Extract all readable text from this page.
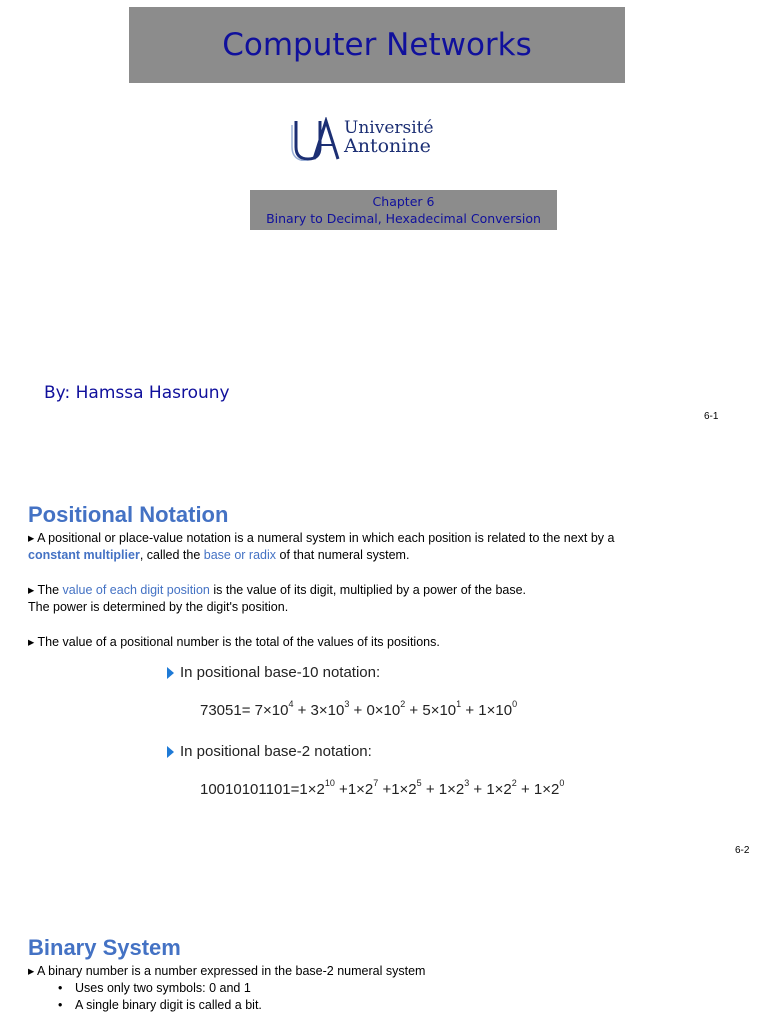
Computer Networks
Université
Antonine
Chapter 6
Binary to Decimal, Hexadecimal Conversion
By: Hamssa Hasrouny
6-1
Positional Notation
▸ A positional or place-value notation is a numeral system in which each position is related to the next by a
constant multiplier, called the base or radix of that numeral system.
▸ The value of each digit position is the value of its digit, multiplied by a power of the base.
The power is determined by the digit's position.
▸ The value of a positional number is the total of the values of its positions.
In positional base-10 notation:
$73051= 7\times 10^4 + 3\times 10^3 + 0\times 10^2 + 5\times 10^1 + 1\times 10^0$
In positional base-2 notation:
$10010101101=1\times 2^{10} +1\times 2^7 +1\times 2^5 + 1\times 2^3 + 1\times 2^2 + 1\times 2^0$
6-2
Binary System
▸ A binary number is a number expressed in the base-2 numeral system
• Uses only two symbols: 0 and 1
• A single binary digit is called a bit.
